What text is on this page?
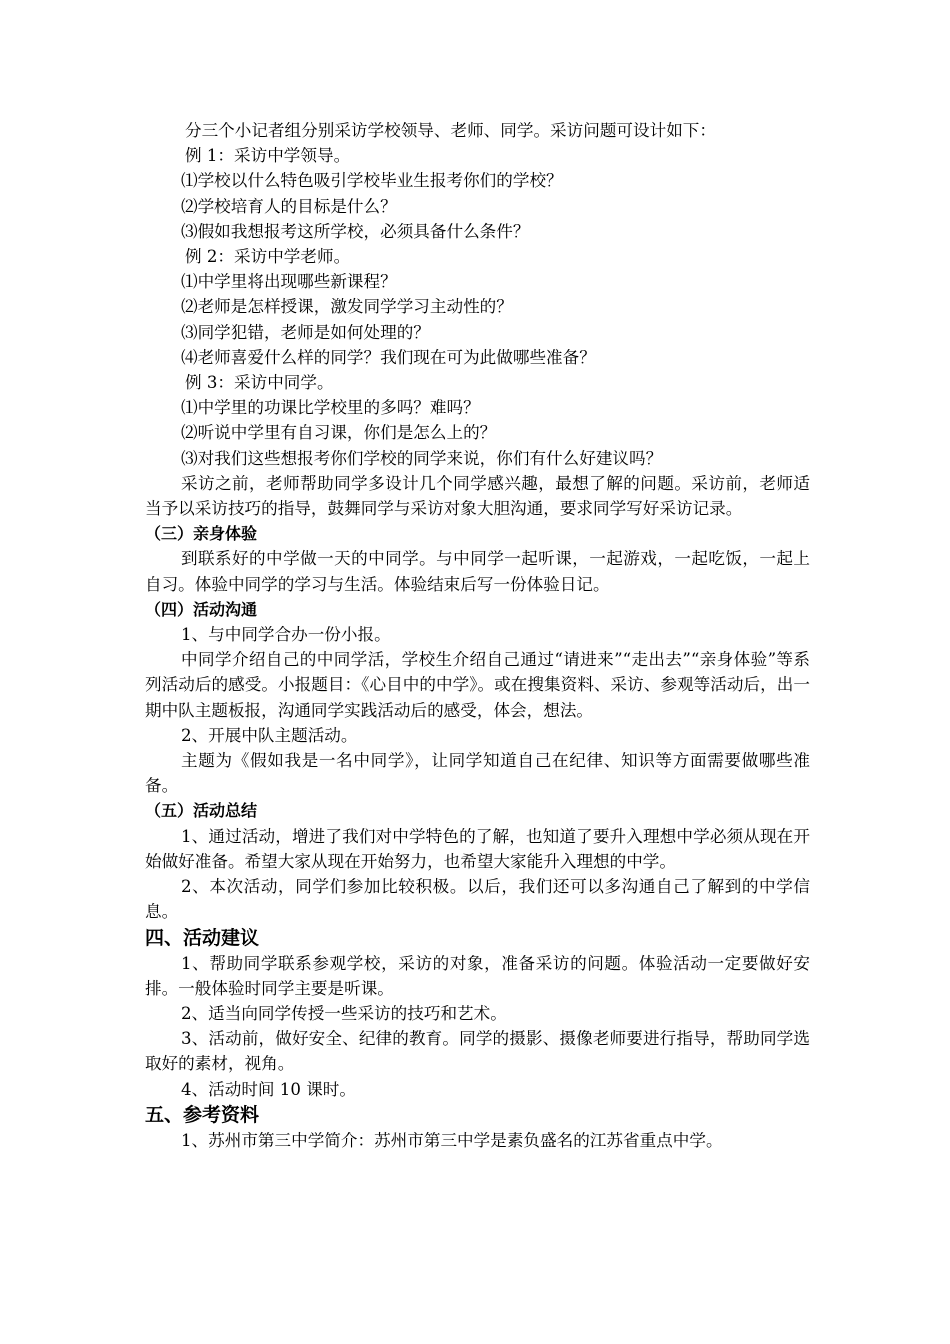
分三个小记者组分别采访学校领导、老师、同学。采访问题可设计如下：
例 1：采访中学领导。
⑴学校以什么特色吸引学校毕业生报考你们的学校？
⑵学校培育人的目标是什么？
⑶假如我想报考这所学校，必须具备什么条件？
例 2：采访中学老师。
⑴中学里将出现哪些新课程？
⑵老师是怎样授课，激发同学学习主动性的？
⑶同学犯错，老师是如何处理的？
⑷老师喜爱什么样的同学？我们现在可为此做哪些准备？
例 3：采访中同学。
⑴中学里的功课比学校里的多吗？难吗？
⑵听说中学里有自习课，你们是怎么上的？
⑶对我们这些想报考你们学校的同学来说，你们有什么好建议吗？
采访之前，老师帮助同学多设计几个同学感兴趣，最想了解的问题。采访前，老师适当予以采访技巧的指导，鼓舞同学与采访对象大胆沟通，要求同学写好采访记录。
（三）亲身体验
到联系好的中学做一天的中同学。与中同学一起听课，一起游戏，一起吃饭，一起上自习。体验中同学的学习与生活。体验结束后写一份体验日记。
（四）活动沟通
1、与中同学合办一份小报。
中同学介绍自己的中同学活，学校生介绍自己通过“请进来”“走出去”“亲身体验”等系列活动后的感受。小报题目：《心目中的中学》。或在搜集资料、采访、参观等活动后，出一期中队主题板报，沟通同学实践活动后的感受，体会，想法。
2、开展中队主题活动。
主题为《假如我是一名中同学》，让同学知道自己在纪律、知识等方面需要做哪些准备。
（五）活动总结
1、通过活动，增进了我们对中学特色的了解，也知道了要升入理想中学必须从现在开始做好准备。希望大家从现在开始努力，也希望大家能升入理想的中学。
2、本次活动，同学们参加比较积极。以后，我们还可以多沟通自己了解到的中学信息。
四、活动建议
1、帮助同学联系参观学校，采访的对象，准备采访的问题。体验活动一定要做好安排。一般体验时同学主要是听课。
2、适当向同学传授一些采访的技巧和艺术。
3、活动前，做好安全、纪律的教育。同学的摄影、摄像老师要进行指导，帮助同学选取好的素材，视角。
4、活动时间 10 课时。
五、参考资料
1、苏州市第三中学简介：苏州市第三中学是素负盛名的江苏省重点中学。
